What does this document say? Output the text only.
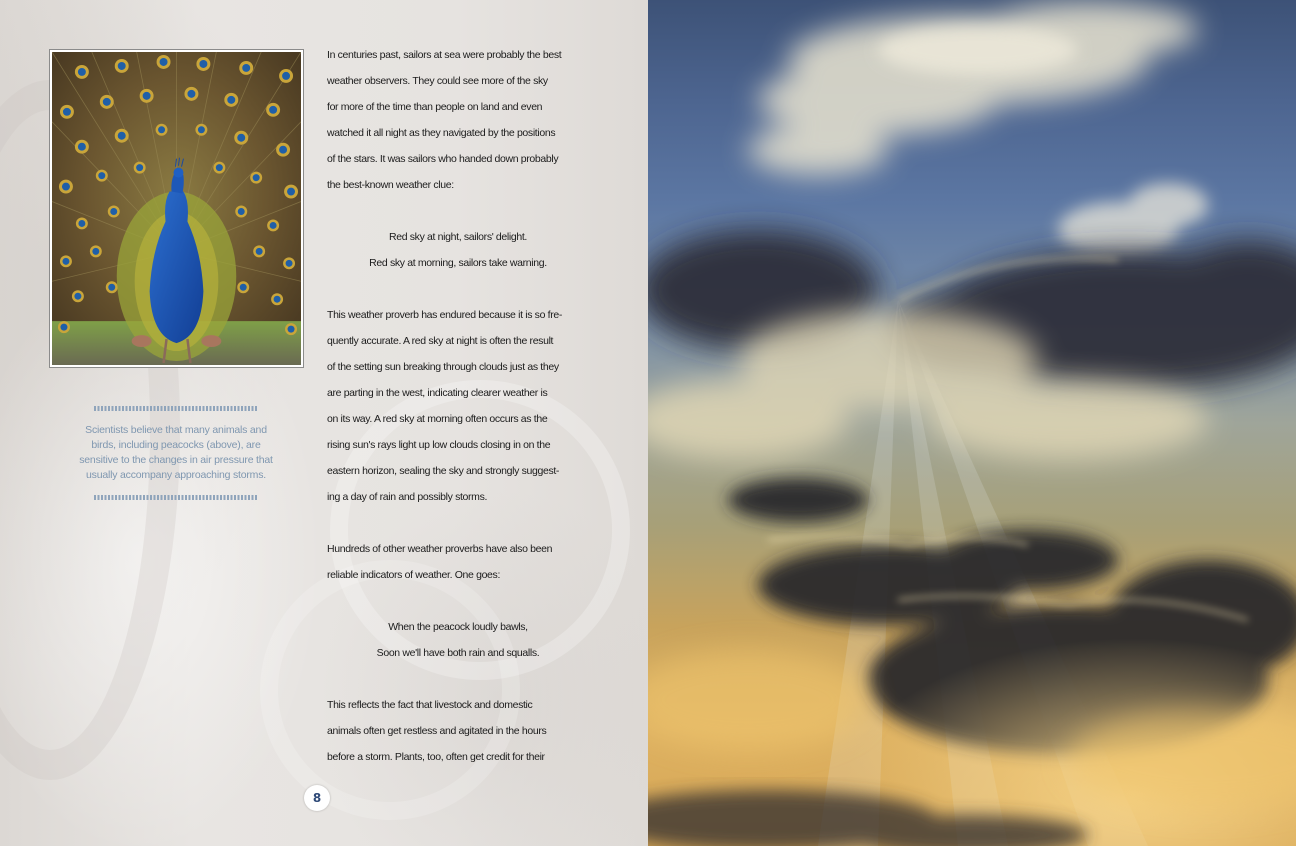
Scientists believe that many animals and birds, including peacocks (above), are sensitive to the changes in air pressure that usually accompany approaching storms.

In centuries past, sailors at sea were probably the best

weather observers. They could see more of the sky

for more of the time than people on land and even

watched it all night as they navigated by the positions

of the stars. It was sailors who handed down probably

the best-known weather clue:

Red sky at night, sailors' delight.

Red sky at morning, sailors take warning.

This weather proverb has endured because it is so fre-

quently accurate. A red sky at night is often the result

of the setting sun breaking through clouds just as they

are parting in the west, indicating clearer weather is

on its way. A red sky at morning often occurs as the

rising sun's rays light up low clouds closing in on the

eastern horizon, sealing the sky and strongly suggest-

ing a day of rain and possibly storms.

Hundreds of other weather proverbs have also been

reliable indicators of weather. One goes:

When the peacock loudly bawls,

Soon we'll have both rain and squalls.

This reflects the fact that livestock and domestic

animals often get restless and agitated in the hours

before a storm. Plants, too, often get credit for their

8
